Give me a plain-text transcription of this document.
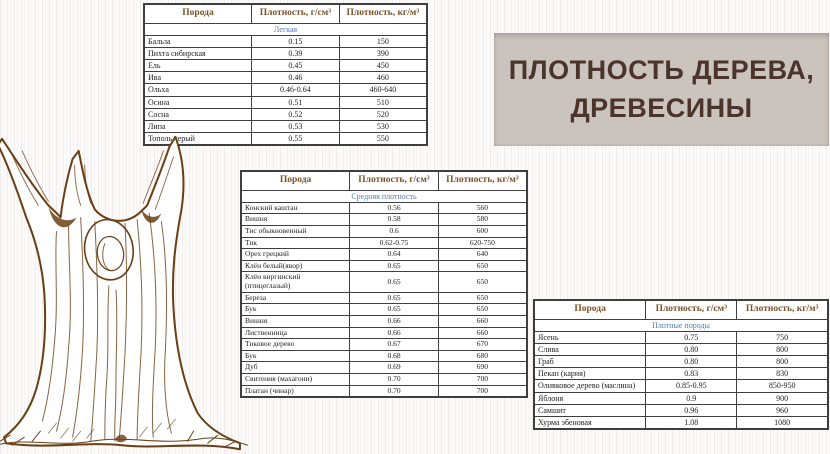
Порода	Плотность, г/см³	Плотность, кг/м³
Легкая		
Бальза	0.15	150
Пихта сибирская	0.39	390
Ель	0.45	450
Ива	0.46	460
Ольха	0.46-0.64	460-640
Осина	0.51	510
Сосна	0.52	520
Липа	0.53	530
Тополь серый	0.55	550
Порода	Плотность, г/см³	Плотность, кг/м³
Средняя плотность		
Конский каштан	0.56	560
Вишня	0.58	580
Тис обыкновенный	0.6	600
Тик	0.62-0.75	620-750
Орех грецкий	0.64	640
Клён белый(явор)	0.65	650
Клён виргинский (птицеглазый)	0.65	650
Береза	0.65	650
Бук	0.65	650
Вишня	0.66	660
Лиственница	0.66	660
Тиковое дерево	0.67	670
Бук	0.68	680
Дуб	0.69	690
Свитения (махагони)	0.70	700
Платан (чинар)	0.70	700
Порода	Плотность, г/см³	Плотность, кг/м³
Плотные породы		
Ясень	0.75	750
Слива	0.80	800
Граб	0.80	800
Пекан (кария)	0.83	830
Оливковое дерево (маслина)	0.85-0.95	850-950
Яблоня	0.9	900
Самшит	0.96	960
Хурма эбеновая	1.08	1080
ПЛОТНОСТЬ ДЕРЕВА,
ДРЕВЕСИНЫ
